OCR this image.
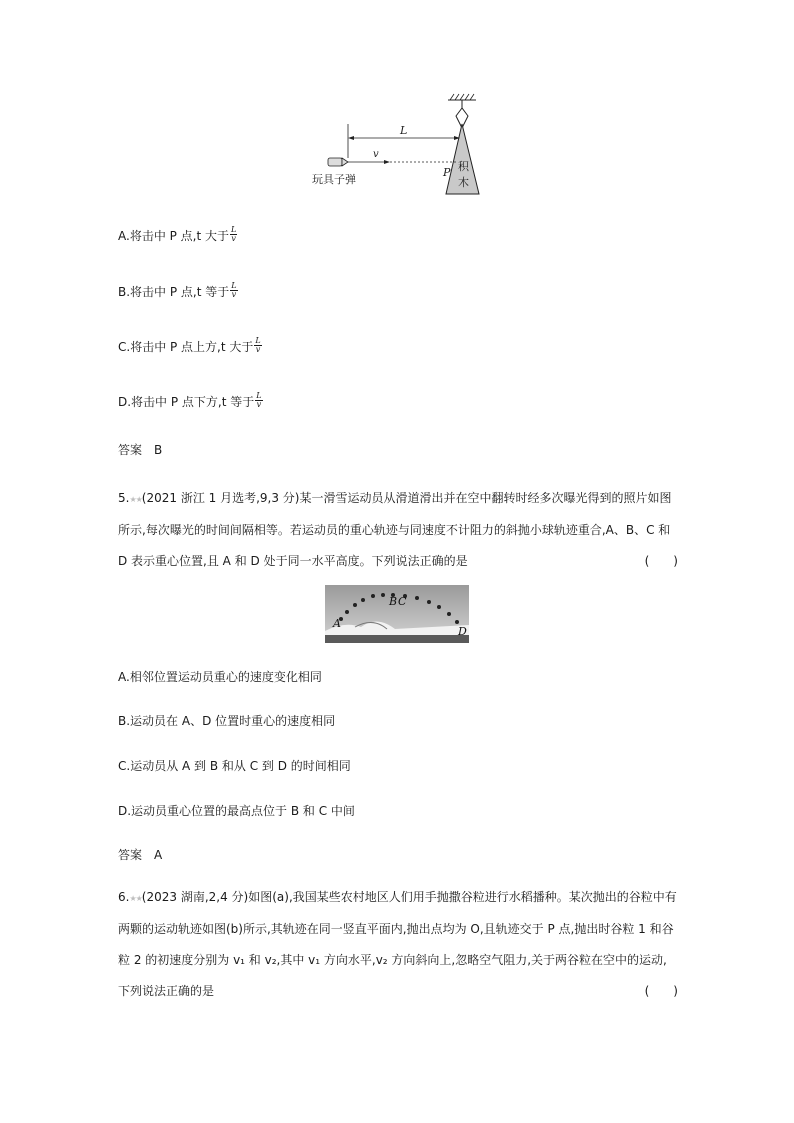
L
v
P 积
木
玩具子弹
A.将击中 P 点,t 大于 $\frac{L}{v}$
B.将击中 P 点,t 等于 $\frac{L}{v}$
C.将击中 P 点上方,t 大于 $\frac{L}{v}$
D.将击中 P 点下方,t 等于 $\frac{L}{v}$
答案　B
5.★★(2021 浙江 1 月选考,9,3 分)某一滑雪运动员从滑道滑出并在空中翻转时经多次曝光得到的照片如图所示,每次曝光的时间间隔相等。若运动员的重心轨迹与同速度不计阻力的斜抛小球轨迹重合,A、B、C 和 D 表示重心位置,且 A 和 D 处于同一水平高度。下列说法正确的是	(　　)
A
B C
D
A.相邻位置运动员重心的速度变化相同
B.运动员在 A、D 位置时重心的速度相同
C.运动员从 A 到 B 和从 C 到 D 的时间相同
D.运动员重心位置的最高点位于 B 和 C 中间
答案　A
6.★★(2023 湖南,2,4 分)如图(a),我国某些农村地区人们用手抛撒谷粒进行水稻播种。某次抛出的谷粒中有两颗的运动轨迹如图(b)所示,其轨迹在同一竖直平面内,抛出点均为 O,且轨迹交于 P 点,抛出时谷粒 1 和谷粒 2 的初速度分别为 v₁ 和 v₂,其中 v₁ 方向水平,v₂ 方向斜向上,忽略空气阻力,关于两谷粒在空中的运动,下列说法正确的是	(　　)
